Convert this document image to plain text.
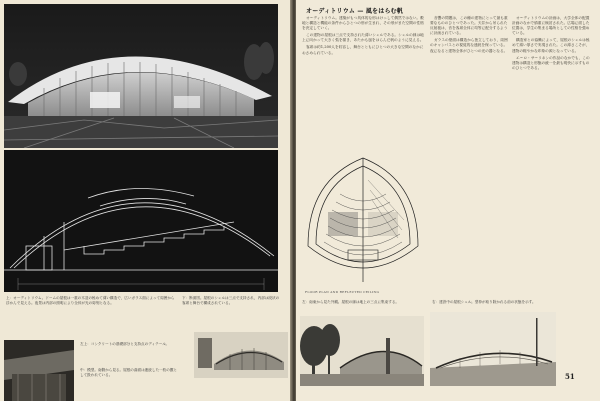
上：オーディトリウム。ドームの屋根は一重の木造の極めて薄い構造で，広いガラス面によって周囲から浮かんで見える。夜景は内部の照明により全体が光の彫刻となる。
下：断面図。屋根のシェルは三点で支持され，内部は段状の客席と舞台で構成されている。
左上：コンクリートの基礎部分と支持点のディテール。
中：模型。南側から見る。屋根の曲面は連続した一枚の膜として扱われている。
オーディトリウム — 風をはらむ帆

オーディトリウム。建築がもつ具体的な形はけっして偶然ではない。敷地と構造と機能の条件からひとつの形が生まれ，その形がまた空間の性格を決定していく。

この建物の屋根は三点で支持された薄いシェルである。シェルの縁は地上に向かって大きく弧を描き，あたかも風をはらんだ帆のように見える。

客席は約1,200人を収容し，舞台とともにひとつの大きな空間のなかにおさめられている。

音響の問題は，この種の建物にとって最も重要なもののひとつであった。天井から吊られた反射板は，音を客席全体に均等に配分するように計画されている。

ガラスの壁面は構造から独立しており，周囲のキャンパスとの視覚的な連続を保っている。夜になると建物全体がひとつの光の器となる。

オーディトリウムの計画は，大学全体の配置計画のなかで慎重に検討された。広場に面した位置は，学生の集まる場所としての性格を強めている。

構造家との協働によって，屋根のシェルは極めて薄い厚さで実現された。この薄さこそが，建物の軽やかな印象の源となっている。

エーロ・サーリネンの作品のなかでも，この建物は構造と形態の統一を最も明快に示すもののひとつである。

FLOOR PLAN AND REFLECTED CEILING
左：南東から見た外観。屋根の縁は地上の三点に集束する。	右：建設中の屋根シェル。型枠が取り除かれる前の状態を示す。
51
